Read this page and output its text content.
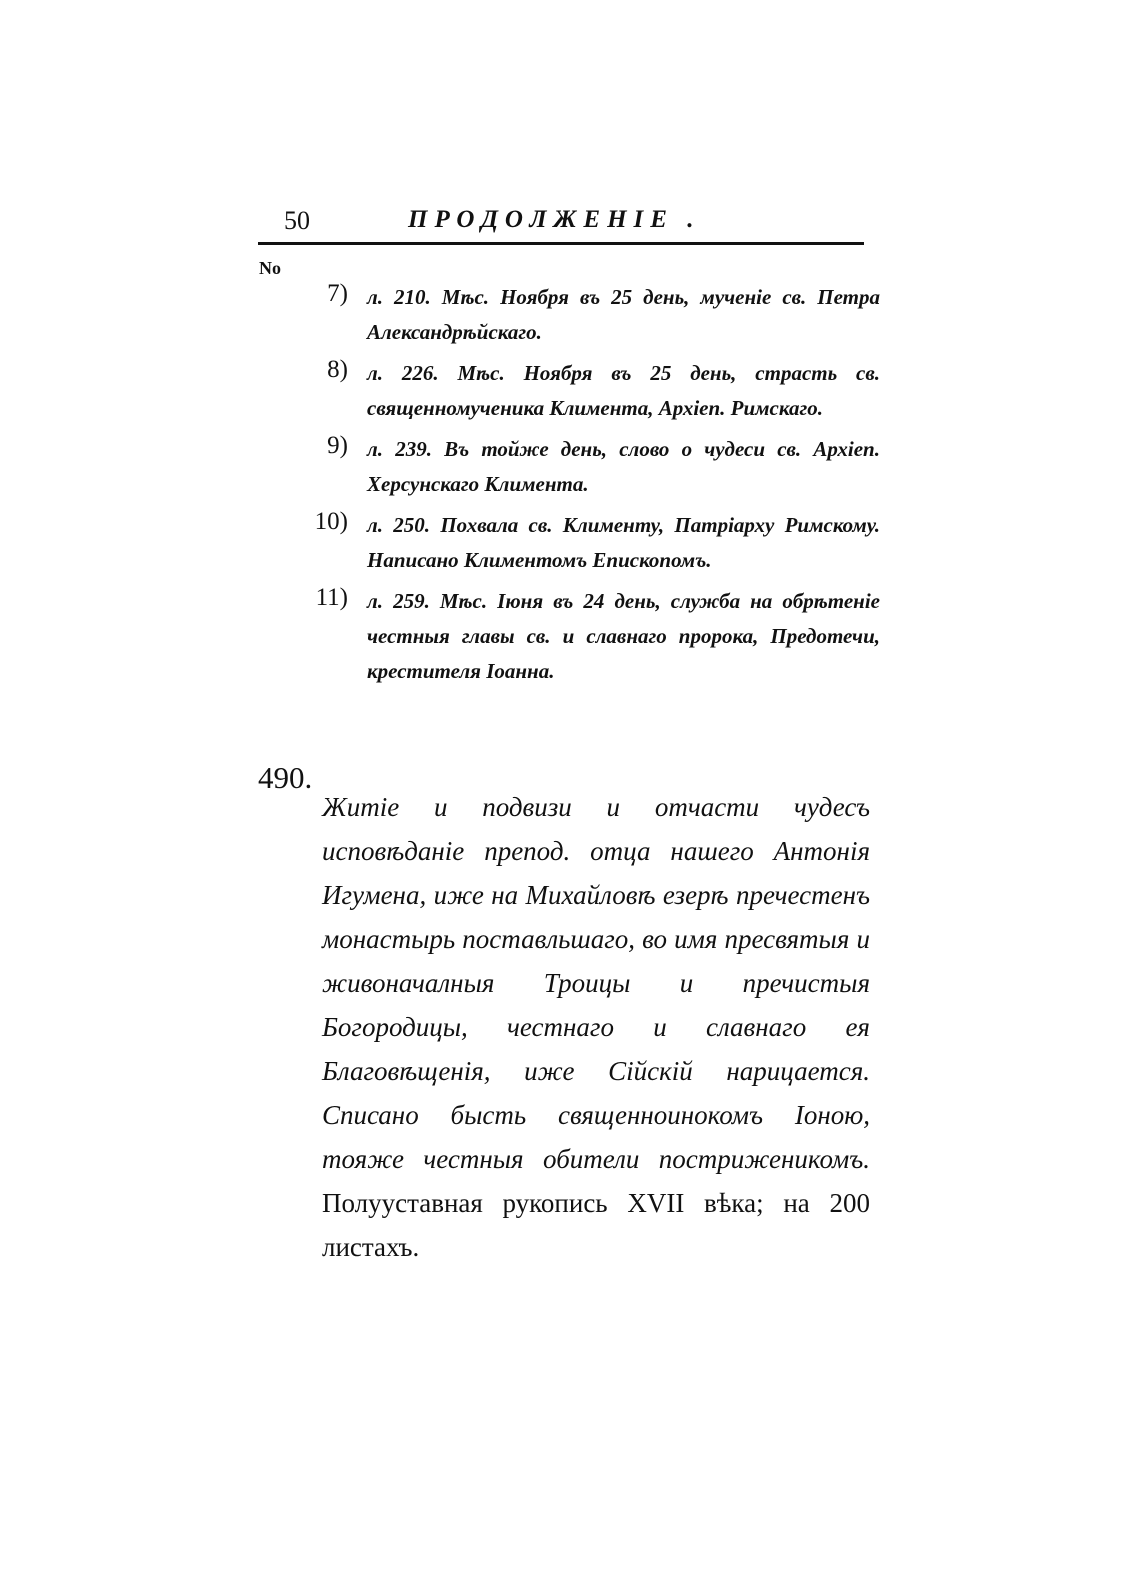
50	ПРОДОЛЖЕНІЕ .
No
7) л. 210. Мѣс. Ноября въ 25 день, мученіе св. Петра Александрѣйскаго.
8) л. 226. Мѣс. Ноября въ 25 день, страсть св. священномученика Климента, Архіеп. Римскаго.
9) л. 239. Въ тойже день, слово о чудеси св. Архіеп. Херсунскаго Климента.
10) л. 250. Похвала св. Клименту, Патріарху Римскому. Написано Климентомъ Епископомъ.
11) л. 259. Мѣс. Іюня въ 24 день, служба на обрѣтеніе честныя главы св. и славнаго пророка, Предотечи, крестителя Іоанна.
490.

Житіе и подвизи и отчасти чудесъ исповѣданіе препод. отца нашего Антонія Игумена, иже на Михайловѣ езерѣ пречестенъ монастырь поставльшаго, во имя пресвятыя и живоначалныя Троицы и пречистыя Богородицы, честнаго и славнаго ея Благовѣщенія, иже Сійскій нарицается. Списано бысть священноинокомъ Іоною, тояже честныя обители постриженикомъ. Полууставная рукопись XVII вѣка; на 200 листахъ.
